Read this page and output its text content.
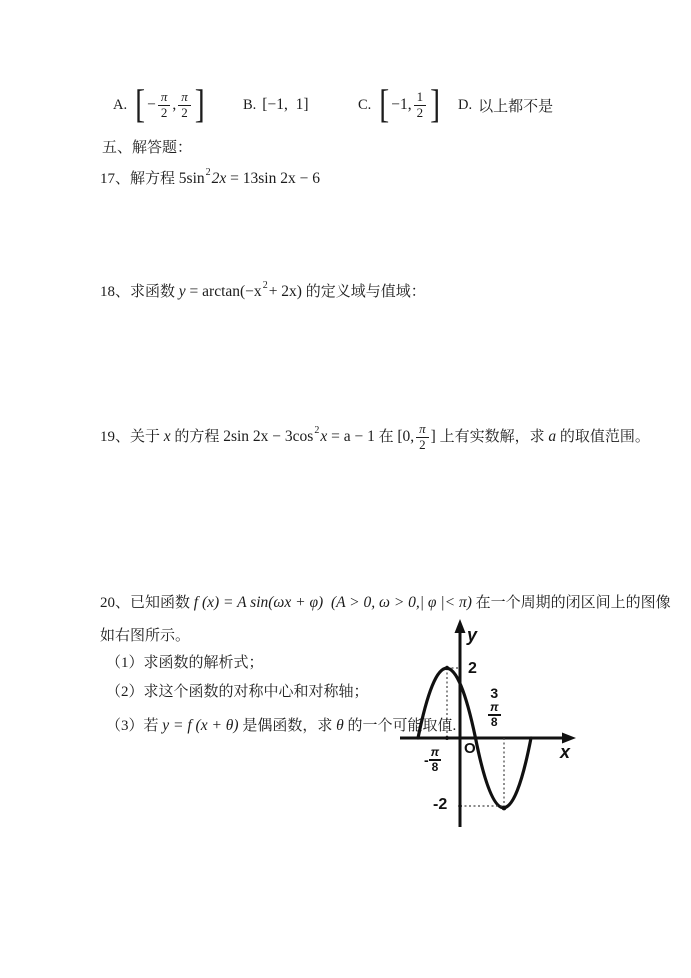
A. [ − $\frac{\pi}{2}$ , $\frac{\pi}{2}$ ]	B. [−1,  1]	C. [ −1, $\frac{1}{2}$ ] D. 以上都不是
五、解答题：
17、 解方程 5sin 2 2x = 13sin 2x − 6
18、 求函数 y = arctan(−x 2 + 2x) 的定义域与值域：
19、 关于 x 的方程 2sin 2x − 3cos 2 x = a − 1 在 [0, $\frac{\pi}{2}$ ] 上有实数解，求 a 的取值范围。
20、 已知函数 f (x) = A sin(ωx + φ) (A > 0, ω > 0,| φ |< π) 在一个周期的闭区间上的图像
如右图所示。
（1）求函数的解析式；
（2）求这个函数的对称中心和对称轴；
（3）若 y = f (x + θ) 是偶函数，求 θ 的一个可能取值.
y
x
O
2
-2
- $\frac{\pi}{8}$
3
$\frac{\pi}{8}$
